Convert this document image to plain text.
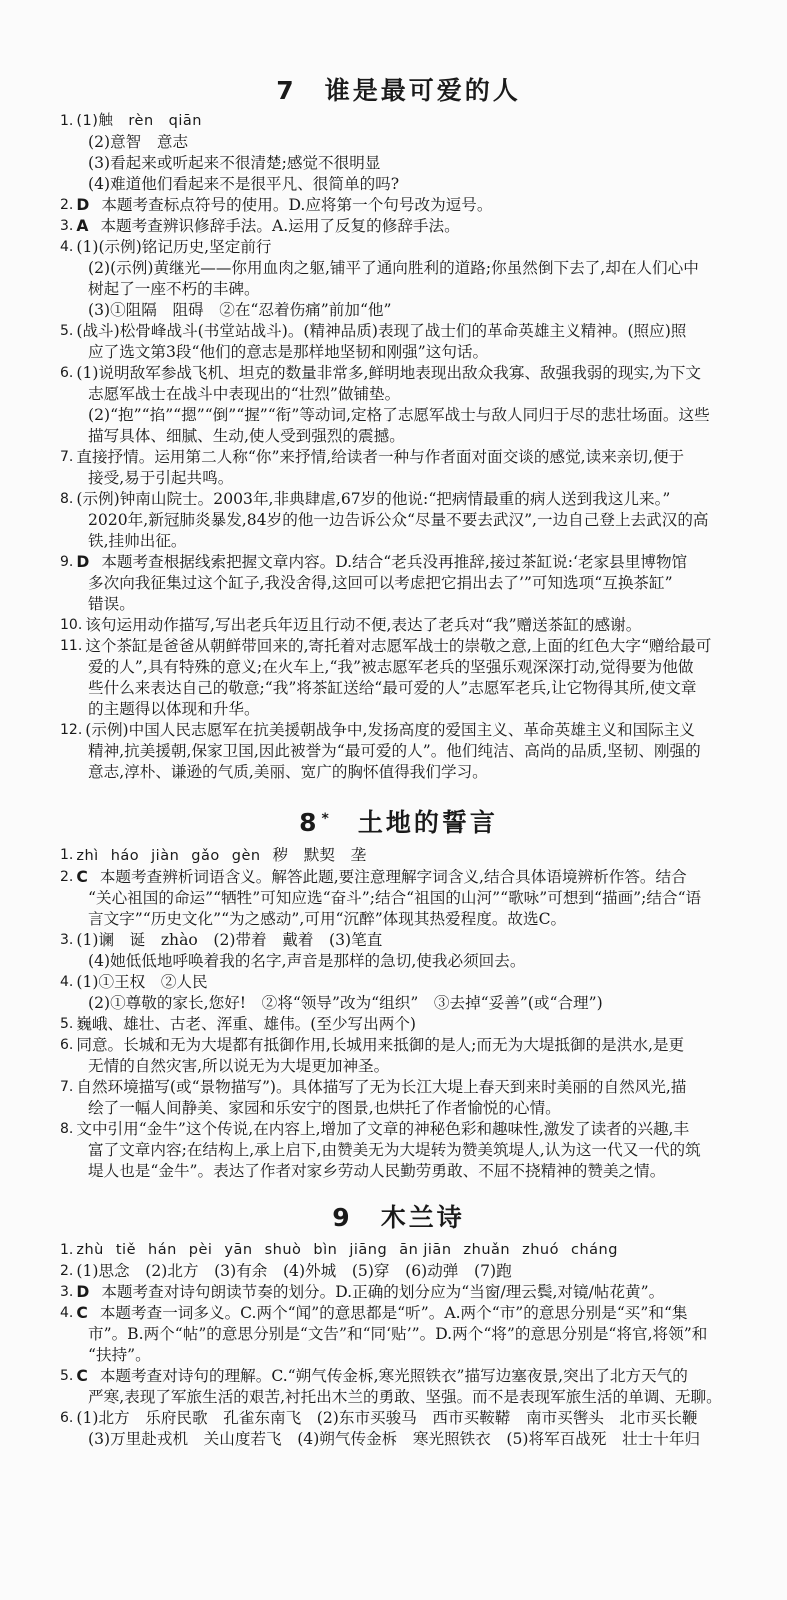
7 谁是最可爱的人
1. (1)触　rèn　qiān
(2)意智　意志
(3)看起来或听起来不很清楚;感觉不很明显
(4)难道他们看起来不是很平凡、很简单的吗?
2. D 本题考查标点符号的使用。D.应将第一个句号改为逗号。
3. A 本题考查辨识修辞手法。A.运用了反复的修辞手法。
4. (1)(示例)铭记历史,坚定前行
(2)(示例)黄继光——你用血肉之躯,铺平了通向胜利的道路;你虽然倒下去了,却在人们心中
树起了一座不朽的丰碑。
(3)①阻隔　阻碍　②在“忍着伤痛”前加“他”
5. (战斗)松骨峰战斗(书堂站战斗)。(精神品质)表现了战士们的革命英雄主义精神。(照应)照
应了选文第3段“他们的意志是那样地坚韧和刚强”这句话。
6. (1)说明敌军参战飞机、坦克的数量非常多,鲜明地表现出敌众我寡、敌强我弱的现实,为下文
志愿军战士在战斗中表现出的“壮烈”做铺垫。
(2)“抱”“掐”“摁”“倒”“握”“衔”等动词,定格了志愿军战士与敌人同归于尽的悲壮场面。这些
描写具体、细腻、生动,使人受到强烈的震撼。
7. 直接抒情。运用第二人称“你”来抒情,给读者一种与作者面对面交谈的感觉,读来亲切,便于
接受,易于引起共鸣。
8. (示例)钟南山院士。2003年,非典肆虐,67岁的他说:“把病情最重的病人送到我这儿来。”
2020年,新冠肺炎暴发,84岁的他一边告诉公众“尽量不要去武汉”,一边自己登上去武汉的高
铁,挂帅出征。
9. D 本题考查根据线索把握文章内容。D.结合“老兵没再推辞,接过茶缸说:‘老家县里博物馆
多次向我征集过这个缸子,我没舍得,这回可以考虑把它捐出去了’”可知选项“互换茶缸”
错误。
10. 该句运用动作描写,写出老兵年迈且行动不便,表达了老兵对“我”赠送茶缸的感谢。
11. 这个茶缸是爸爸从朝鲜带回来的,寄托着对志愿军战士的崇敬之意,上面的红色大字“赠给最可
爱的人”,具有特殊的意义;在火车上,“我”被志愿军老兵的坚强乐观深深打动,觉得要为他做
些什么来表达自己的敬意;“我”将茶缸送给“最可爱的人”志愿军老兵,让它物得其所,使文章
的主题得以体现和升华。
12. (示例)中国人民志愿军在抗美援朝战争中,发扬高度的爱国主义、革命英雄主义和国际主义
精神,抗美援朝,保家卫国,因此被誉为“最可爱的人”。他们纯洁、高尚的品质,坚韧、刚强的
意志,淳朴、谦逊的气质,美丽、宽广的胸怀值得我们学习。
8 * 土地的誓言
1. zhì háo jiàn gǎo gèn 秽　默契　垄
2. C 本题考查辨析词语含义。解答此题,要注意理解字词含义,结合具体语境辨析作答。结合
“关心祖国的命运”“牺牲”可知应选“奋斗”;结合“祖国的山河”“歌咏”可想到“描画”;结合“语
言文字”“历史文化”“为之感动”,可用“沉醉”体现其热爱程度。故选C。
3. (1)谰　诞　zhào　(2)带着　戴着　(3)笔直
(4)她低低地呼唤着我的名字,声音是那样的急切,使我必须回去。
4. (1)①王权　②人民
(2)①尊敬的家长,您好!　②将“领导”改为“组织”　③去掉“妥善”(或“合理”)
5. 巍峨、雄壮、古老、浑重、雄伟。(至少写出两个)
6. 同意。长城和无为大堤都有抵御作用,长城用来抵御的是人;而无为大堤抵御的是洪水,是更
无情的自然灾害,所以说无为大堤更加神圣。
7. 自然环境描写(或“景物描写”)。具体描写了无为长江大堤上春天到来时美丽的自然风光,描
绘了一幅人间静美、家园和乐安宁的图景,也烘托了作者愉悦的心情。
8. 文中引用“金牛”这个传说,在内容上,增加了文章的神秘色彩和趣味性,激发了读者的兴趣,丰
富了文章内容;在结构上,承上启下,由赞美无为大堤转为赞美筑堤人,认为这一代又一代的筑
堤人也是“金牛”。表达了作者对家乡劳动人民勤劳勇敢、不屈不挠精神的赞美之情。
9 木兰诗
1. zhù tiě hán pèi yān shuò bìn jiāng ān jiān zhuǎn zhuó cháng
2. (1)思念　(2)北方　(3)有余　(4)外城　(5)穿　(6)动弹　(7)跑
3. D 本题考查对诗句朗读节奏的划分。D.正确的划分应为“当窗/理云鬓,对镜/帖花黄”。
4. C 本题考查一词多义。C.两个“闻”的意思都是“听”。A.两个“市”的意思分别是“买”和“集
市”。B.两个“帖”的意思分别是“文告”和“同‘贴’”。D.两个“将”的意思分别是“将官,将领”和
“扶持”。
5. C 本题考查对诗句的理解。C.“朔气传金柝,寒光照铁衣”描写边塞夜景,突出了北方天气的
严寒,表现了军旅生活的艰苦,衬托出木兰的勇敢、坚强。而不是表现军旅生活的单调、无聊。
6. (1)北方　乐府民歌　孔雀东南飞　(2)东市买骏马　西市买鞍鞯　南市买辔头　北市买长鞭
(3)万里赴戎机　关山度若飞　(4)朔气传金柝　寒光照铁衣　(5)将军百战死　壮士十年归
